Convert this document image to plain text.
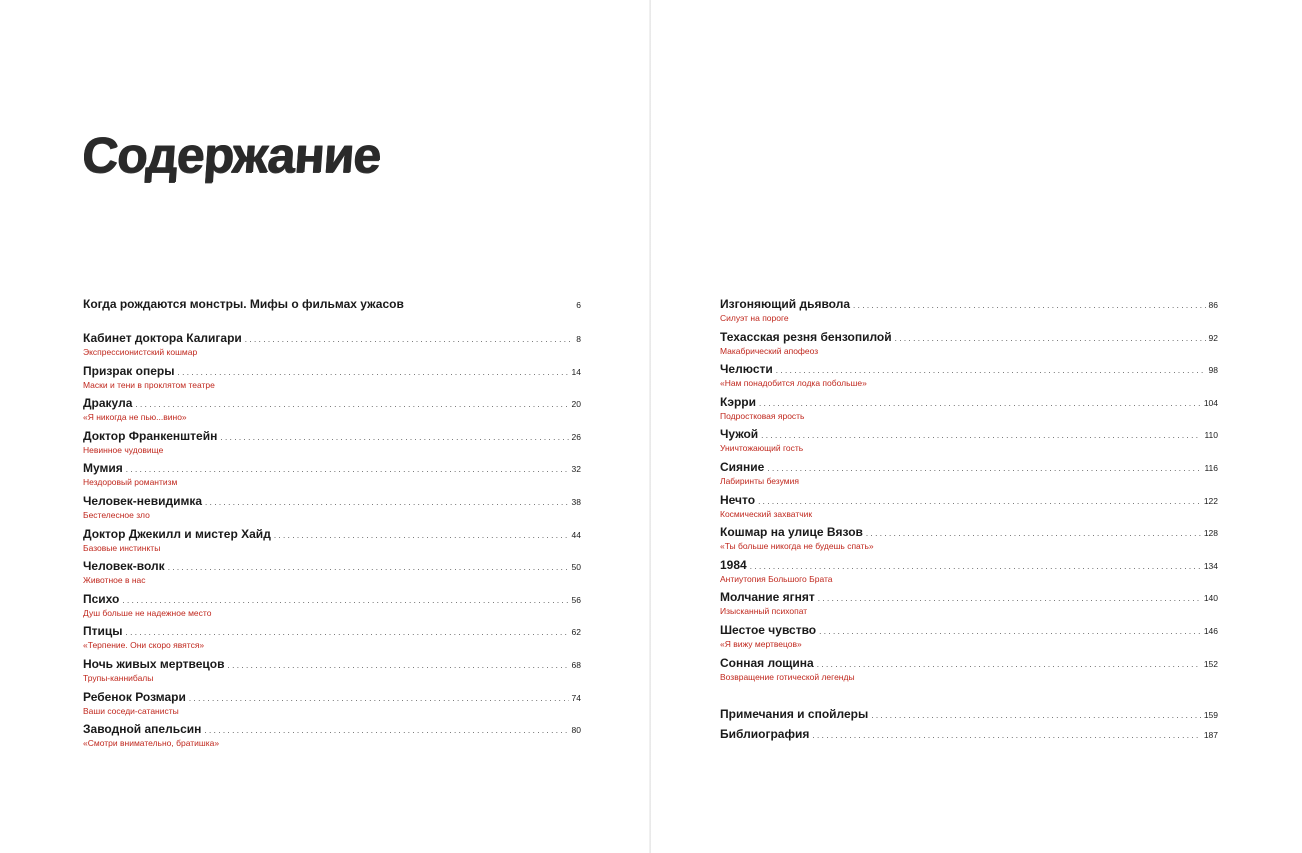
Содержание
Когда рождаются монстры. Мифы о фильмах ужасов	6
Кабинет доктора Калигари .....	8
Экспрессионистский кошмар
Призрак оперы .....	14
Маски и тени в проклятом театре
Дракула .....	20
«Я никогда не пью...вино»
Доктор Франкенштейн .....	26
Невинное чудовище
Мумия .....	32
Нездоровый романтизм
Человек-невидимка .....	38
Бестелесное зло
Доктор Джекилл и мистер Хайд .....	44
Базовые инстинкты
Человек-волк .....	50
Животное в нас
Психо .....	56
Душ больше не надежное место
Птицы .....	62
«Терпение. Они скоро явятся»
Ночь живых мертвецов .....	68
Трупы-каннибалы
Ребенок Розмари .....	74
Ваши соседи-сатанисты
Заводной апельсин .....	80
«Смотри внимательно, братишка»
Изгоняющий дьявола .....	86
Силуэт на пороге
Техасская резня бензопилой .....	92
Макабрический апофеоз
Челюсти .....	98
«Нам понадобится лодка побольше»
Кэрри .....	104
Подростковая ярость
Чужой .....	110
Уничтожающий гость
Сияние .....	116
Лабиринты безумия
Нечто .....	122
Космический захватчик
Кошмар на улице Вязов .....	128
«Ты больше никогда не будешь спать»
1984 .....	134
Антиутопия Большого Брата
Молчание ягнят .....	140
Изысканный психопат
Шестое чувство .....	146
«Я вижу мертвецов»
Сонная лощина .....	152
Возвращение готической легенды
Примечания и спойлеры .....	159
Библиография .....	187
